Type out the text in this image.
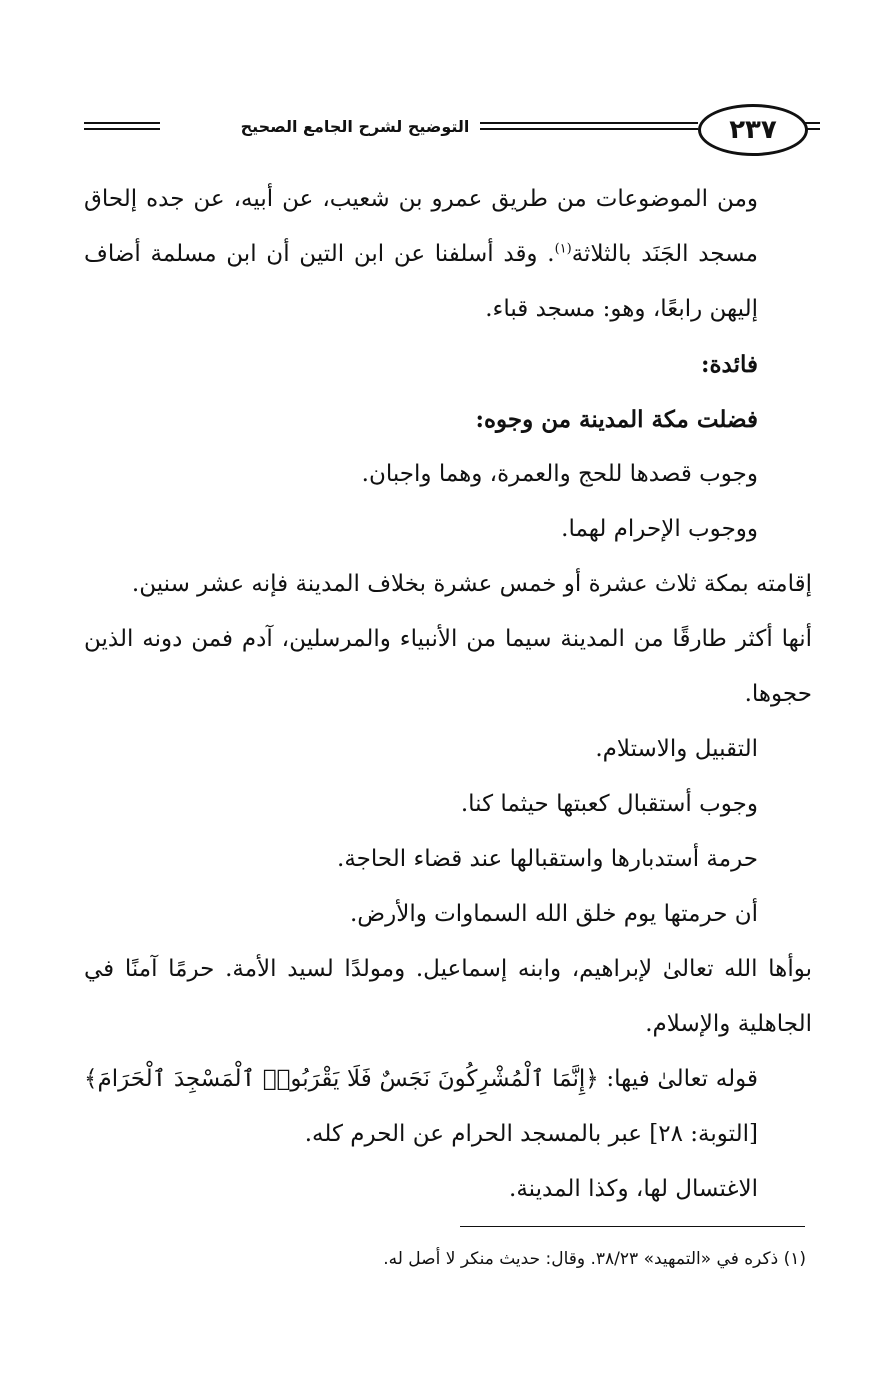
٢٣٧
التوضيح لشرح الجامع الصحيح

ومن الموضوعات من طريق عمرو بن شعيب، عن أبيه، عن جده إلحاق مسجد الجَنَد بالثلاثة$^{(١)}$. وقد أسلفنا عن ابن التين أن ابن مسلمة أضاف إليهن رابعًا، وهو: مسجد قباء.

فائدة:

فضلت مكة المدينة من وجوه:

وجوب قصدها للحج والعمرة، وهما واجبان.

ووجوب الإحرام لهما.

إقامته بمكة ثلاث عشرة أو خمس عشرة بخلاف المدينة فإنه عشر سنين.

أنها أكثر طارقًا من المدينة سيما من الأنبياء والمرسلين، آدم فمن دونه الذين حجوها.

التقبيل والاستلام.

وجوب أستقبال كعبتها حيثما كنا.

حرمة أستدبارها واستقبالها عند قضاء الحاجة.

أن حرمتها يوم خلق الله السماوات والأرض.

بوأها الله تعالىٰ لإبراهيم، وابنه إسماعيل. ومولدًا لسيد الأمة. حرمًا آمنًا في الجاهلية والإسلام.

قوله تعالىٰ فيها: ﴿إِنَّمَا ٱلْمُشْرِكُونَ نَجَسٌ فَلَا يَقْرَبُوا۟ ٱلْمَسْجِدَ ٱلْحَرَامَ﴾ [التوبة: ٢٨] عبر بالمسجد الحرام عن الحرم كله.

الاغتسال لها، وكذا المدينة.

(١) ذكره في «التمهيد» ٣٨/٢٣. وقال: حديث منكر لا أصل له.
